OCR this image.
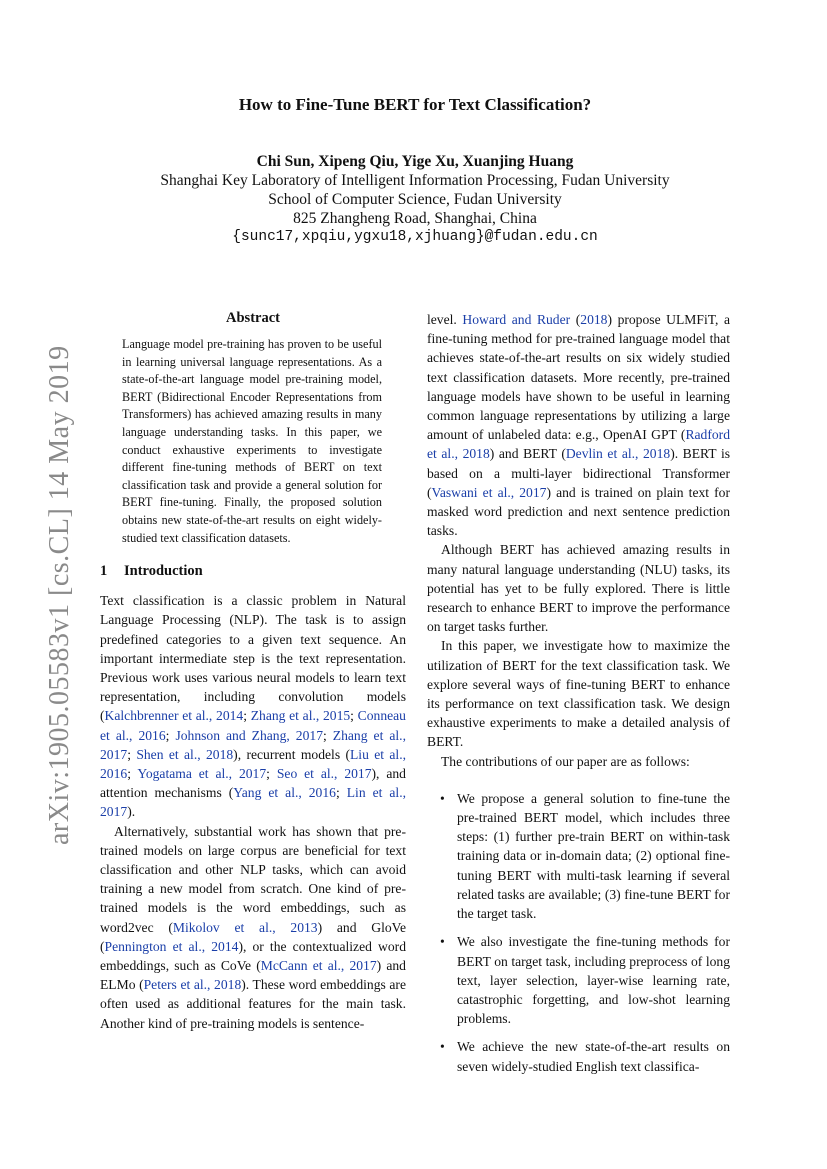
arXiv:1905.05583v1 [cs.CL] 14 May 2019
How to Fine-Tune BERT for Text Classification?
Chi Sun, Xipeng Qiu, Yige Xu, Xuanjing Huang
Shanghai Key Laboratory of Intelligent Information Processing, Fudan University
School of Computer Science, Fudan University
825 Zhangheng Road, Shanghai, China
{sunc17,xpqiu,ygxu18,xjhuang}@fudan.edu.cn
Abstract
Language model pre-training has proven to be useful in learning universal language representations. As a state-of-the-art language model pre-training model, BERT (Bidirectional Encoder Representations from Transformers) has achieved amazing results in many language understanding tasks. In this paper, we conduct exhaustive experiments to investigate different fine-tuning methods of BERT on text classification task and provide a general solution for BERT fine-tuning. Finally, the proposed solution obtains new state-of-the-art results on eight widely-studied text classification datasets.
1 Introduction

Text classification is a classic problem in Natural Language Processing (NLP). The task is to assign predefined categories to a given text sequence. An important intermediate step is the text representation. Previous work uses various neural models to learn text representation, including convolution models (Kalchbrenner et al., 2014; Zhang et al., 2015; Conneau et al., 2016; Johnson and Zhang, 2017; Zhang et al., 2017; Shen et al., 2018), recurrent models (Liu et al., 2016; Yogatama et al., 2017; Seo et al., 2017), and attention mechanisms (Yang et al., 2016; Lin et al., 2017).

Alternatively, substantial work has shown that pre-trained models on large corpus are beneficial for text classification and other NLP tasks, which can avoid training a new model from scratch. One kind of pre-trained models is the word embeddings, such as word2vec (Mikolov et al., 2013) and GloVe (Pennington et al., 2014), or the contextualized word embeddings, such as CoVe (McCann et al., 2017) and ELMo (Peters et al., 2018). These word embeddings are often used as additional features for the main task. Another kind of pre-training models is sentence-

level. Howard and Ruder (2018) propose ULMFiT, a fine-tuning method for pre-trained language model that achieves state-of-the-art results on six widely studied text classification datasets. More recently, pre-trained language models have shown to be useful in learning common language representations by utilizing a large amount of unlabeled data: e.g., OpenAI GPT (Radford et al., 2018) and BERT (Devlin et al., 2018). BERT is based on a multi-layer bidirectional Transformer (Vaswani et al., 2017) and is trained on plain text for masked word prediction and next sentence prediction tasks.

Although BERT has achieved amazing results in many natural language understanding (NLU) tasks, its potential has yet to be fully explored. There is little research to enhance BERT to improve the performance on target tasks further.

In this paper, we investigate how to maximize the utilization of BERT for the text classification task. We explore several ways of fine-tuning BERT to enhance its performance on text classification task. We design exhaustive experiments to make a detailed analysis of BERT.

The contributions of our paper are as follows:

• We propose a general solution to fine-tune the pre-trained BERT model, which includes three steps: (1) further pre-train BERT on within-task training data or in-domain data; (2) optional fine-tuning BERT with multi-task learning if several related tasks are available; (3) fine-tune BERT for the target task.
• We also investigate the fine-tuning methods for BERT on target task, including preprocess of long text, layer selection, layer-wise learning rate, catastrophic forgetting, and low-shot learning problems.
• We achieve the new state-of-the-art results on seven widely-studied English text classifica-
